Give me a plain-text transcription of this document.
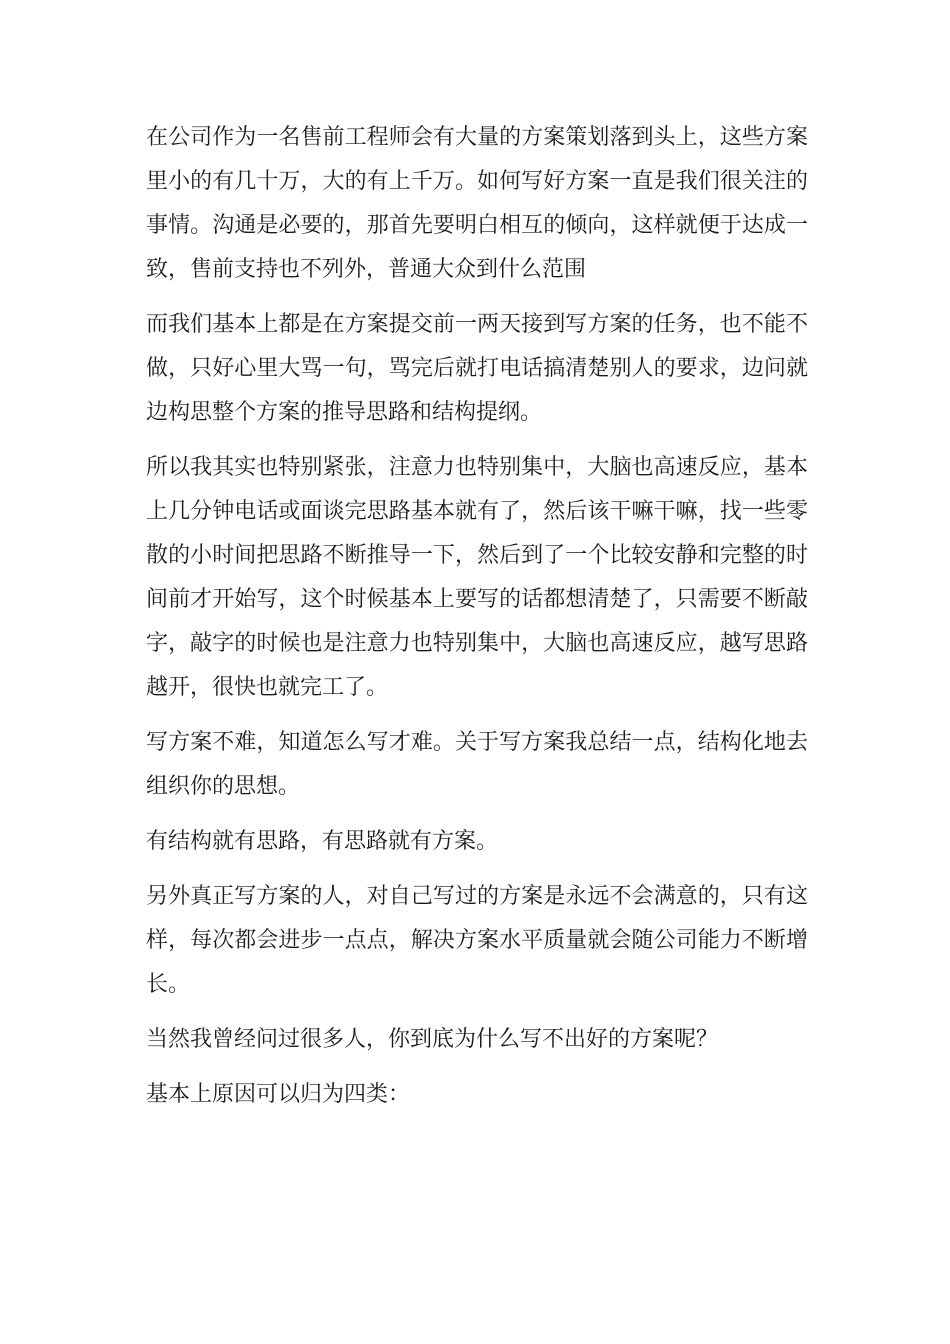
在公司作为一名售前工程师会有大量的方案策划落到头上，这些方案里小的有几十万，大的有上千万。如何写好方案一直是我们很关注的事情。沟通是必要的，那首先要明白相互的倾向，这样就便于达成一致，售前支持也不列外，普通大众到什么范围

而我们基本上都是在方案提交前一两天接到写方案的任务，也不能不做，只好心里大骂一句，骂完后就打电话搞清楚别人的要求，边问就边构思整个方案的推导思路和结构提纲。

所以我其实也特别紧张，注意力也特别集中，大脑也高速反应，基本上几分钟电话或面谈完思路基本就有了，然后该干嘛干嘛，找一些零散的小时间把思路不断推导一下，然后到了一个比较安静和完整的时间前才开始写，这个时候基本上要写的话都想清楚了，只需要不断敲字，敲字的时候也是注意力也特别集中，大脑也高速反应，越写思路越开，很快也就完工了。

写方案不难，知道怎么写才难。关于写方案我总结一点，结构化地去组织你的思想。

有结构就有思路，有思路就有方案。

另外真正写方案的人，对自己写过的方案是永远不会满意的，只有这样，每次都会进步一点点，解决方案水平质量就会随公司能力不断增长。

当然我曾经问过很多人，你到底为什么写不出好的方案呢？

基本上原因可以归为四类：
